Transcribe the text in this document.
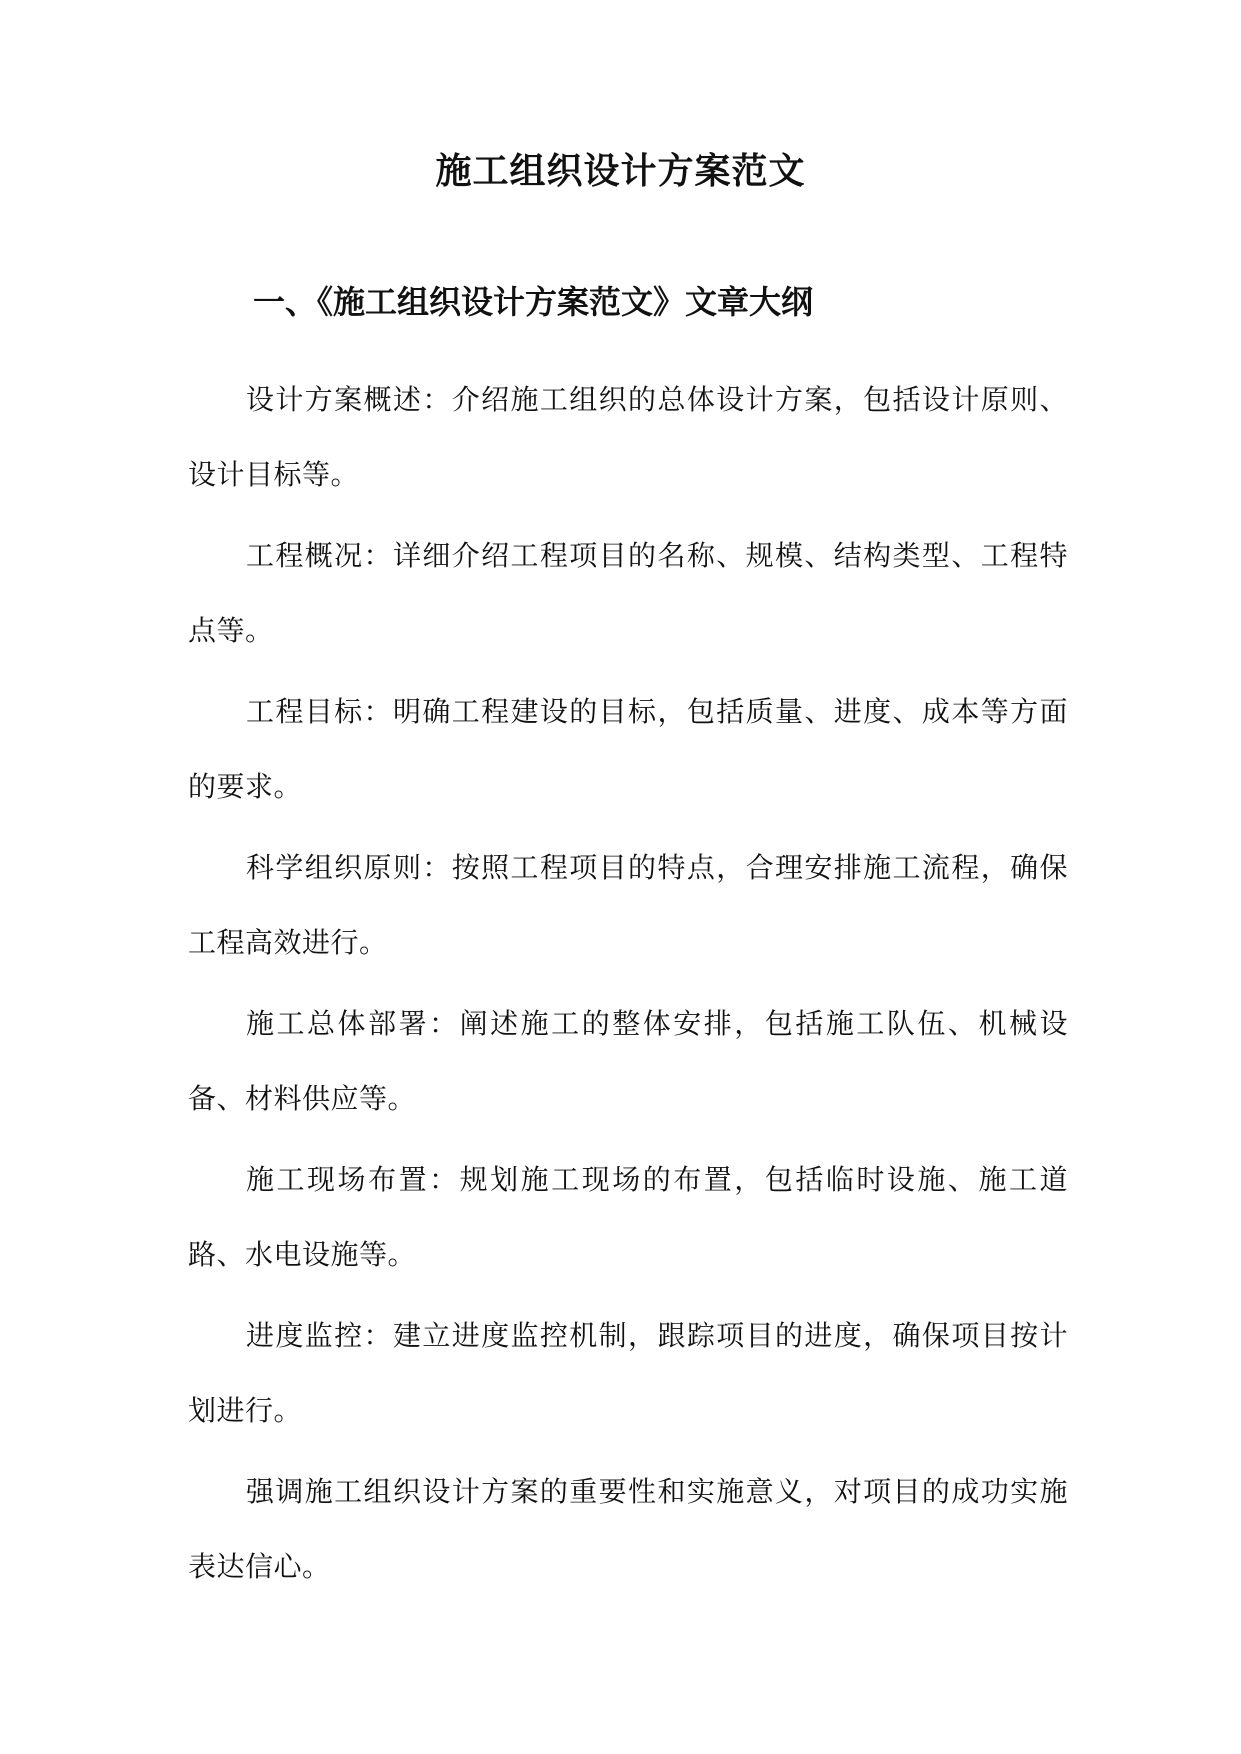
施工组织设计方案范文
一、《施工组织设计方案范文》文章大纲

设计方案概述：介绍施工组织的总体设计方案，包括设计原则、设计目标等。

工程概况：详细介绍工程项目的名称、规模、结构类型、工程特点等。

工程目标：明确工程建设的目标，包括质量、进度、成本等方面的要求。

科学组织原则：按照工程项目的特点，合理安排施工流程，确保工程高效进行。

施工总体部署：阐述施工的整体安排，包括施工队伍、机械设备、材料供应等。

施工现场布置：规划施工现场的布置，包括临时设施、施工道路、水电设施等。

进度监控：建立进度监控机制，跟踪项目的进度，确保项目按计划进行。

强调施工组织设计方案的重要性和实施意义，对项目的成功实施表达信心。
